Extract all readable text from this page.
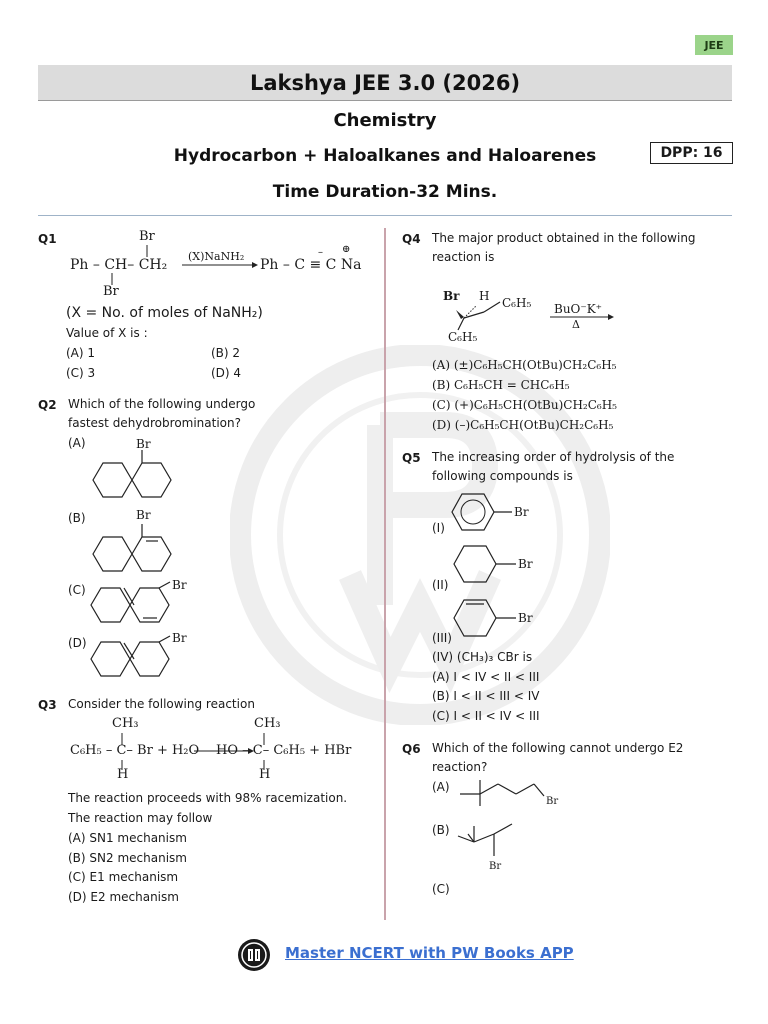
JEE
Lakshya JEE 3.0 (2026)
Chemistry
Hydrocarbon + Haloalkanes and Haloarenes	DPP: 16
Time Duration-32 Mins.
Q1	Br
Ph – CH– CH₂
Br
(X)NaNH₂
Ph – C ≡ C Na
– ⊕
(X = No. of moles of NaNH₂)
Value of X is :
(A) 1	(B) 2
(C) 3	(D) 4
Q2 Which of the following undergo
fastest dehydrobromination?
(A)	Br
(B)	Br
(C)	Br
(D)	Br
Q3 Consider the following reaction
CH₃
C₆H₅ – C– Br + H₂O
H
CH₃
HO – C– C₆H₅ + HBr
H
The reaction proceeds with 98% racemization.
The reaction may follow
(A) SN1 mechanism
(B) SN2 mechanism
(C) E1 mechanism
(D) E2 mechanism
Q4 The major product obtained in the following
reaction is
Br H C₆H₅
C₆H₅
BuO⁻K⁺
Δ
(A) (±)C₆H₅CH(OtBu)CH₂C₆H₅
(B) C₆H₅CH = CHC₆H₅
(C) (+)C₆H₅CH(OtBu)CH₂C₆H₅
(D) (–)C₆H₅CH(OtBu)CH₂C₆H₅
Q5 The increasing order of hydrolysis of the
following compounds is
(I)
Br
(II)
Br
(III)
Br
(IV) (CH₃)₃ CBr is
(A) I < IV < II < III
(B) I < II < III < IV
(C) I < II < IV < III
Q6 Which of the following cannot undergo E2
reaction?
(A)
Br
(B)
Br
(C)
Master NCERT with PW Books APP
